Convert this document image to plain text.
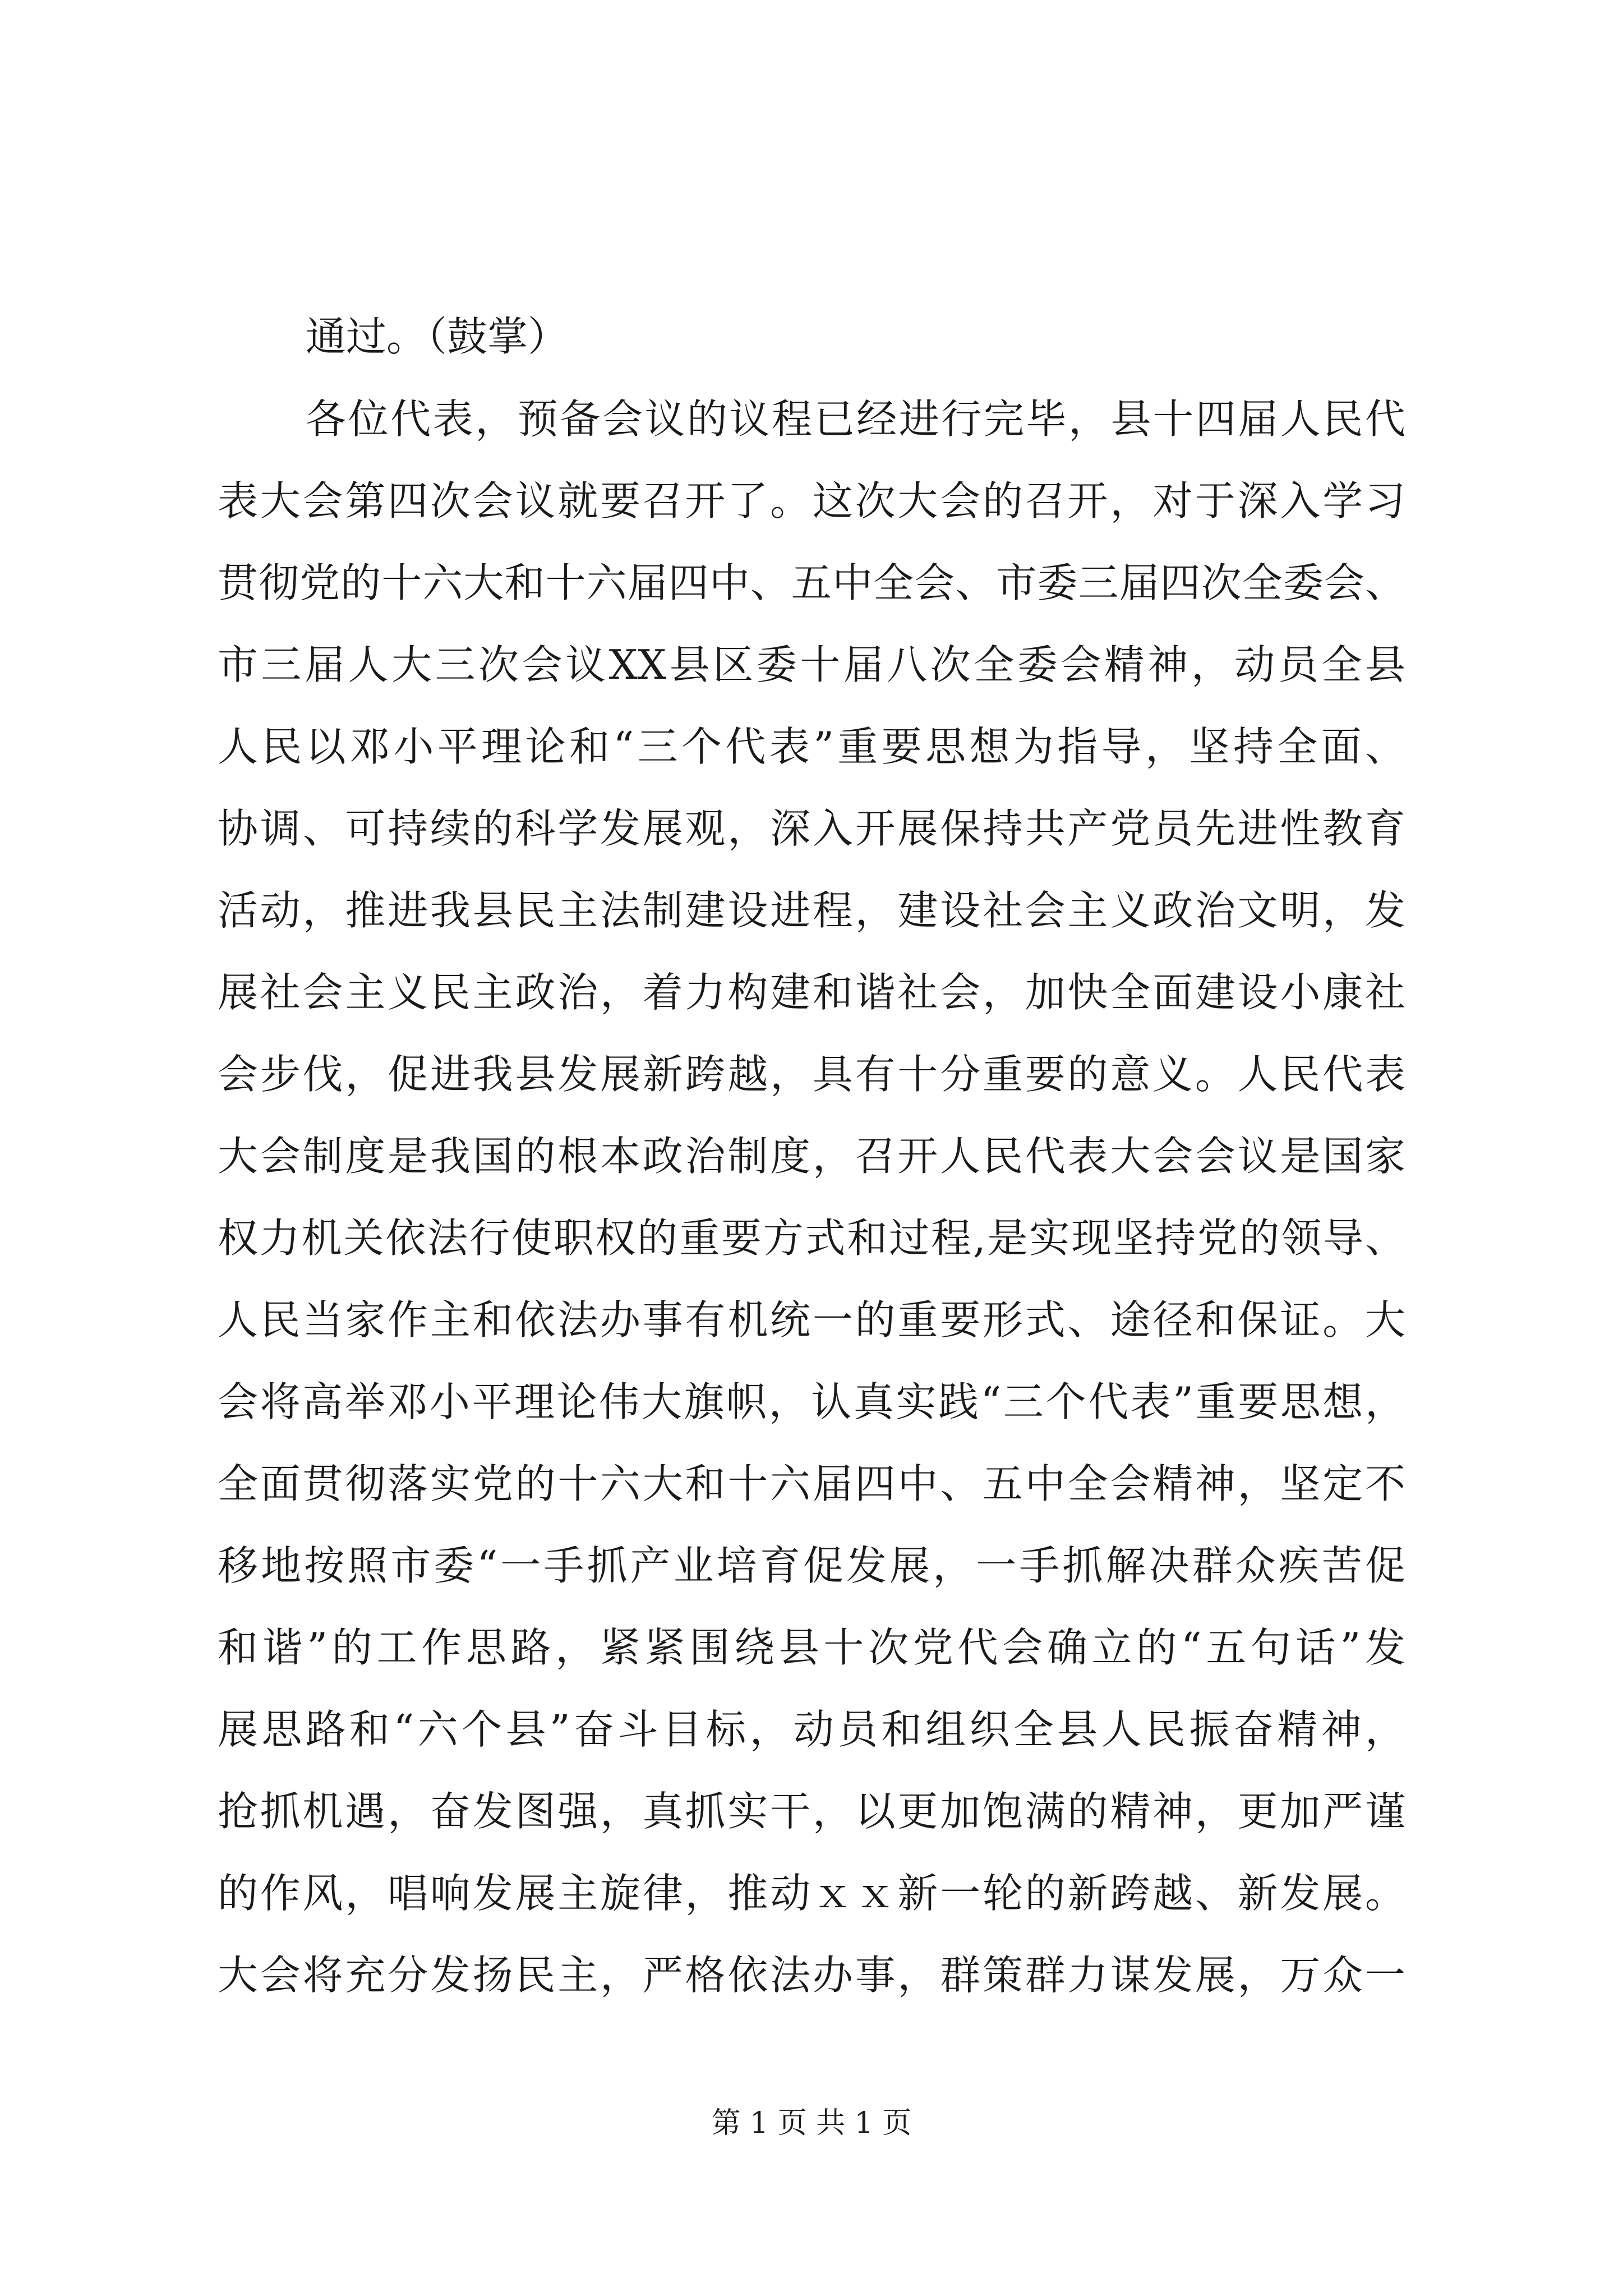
通过。（鼓掌）
各位代表，预备会议的议程已经进行完毕，县十四届人民代
表大会第四次会议就要召开了。这次大会的召开，对于深入学习
贯彻党的十六大和十六届四中、五中全会、市委三届四次全委会、
市三届人大三次会议XX县区委十届八次全委会精神，动员全县
人民以邓小平理论和“三个代表”重要思想为指导，坚持全面、
协调、可持续的科学发展观，深入开展保持共产党员先进性教育
活动，推进我县民主法制建设进程，建设社会主义政治文明，发
展社会主义民主政治，着力构建和谐社会，加快全面建设小康社
会步伐，促进我县发展新跨越，具有十分重要的意义。人民代表
大会制度是我国的根本政治制度，召开人民代表大会会议是国家
权力机关依法行使职权的重要方式和过程,是实现坚持党的领导、
人民当家作主和依法办事有机统一的重要形式、途径和保证。大
会将高举邓小平理论伟大旗帜，认真实践“三个代表”重要思想，
全面贯彻落实党的十六大和十六届四中、五中全会精神，坚定不
移地按照市委“一手抓产业培育促发展，一手抓解决群众疾苦促
和谐”的工作思路，紧紧围绕县十次党代会确立的“五句话”发
展思路和“六个县”奋斗目标，动员和组织全县人民振奋精神，
抢抓机遇，奋发图强，真抓实干，以更加饱满的精神，更加严谨
的作风，唱响发展主旋律，推动ｘｘ新一轮的新跨越、新发展。
大会将充分发扬民主，严格依法办事，群策群力谋发展，万众一
第 1 页 共 1 页
